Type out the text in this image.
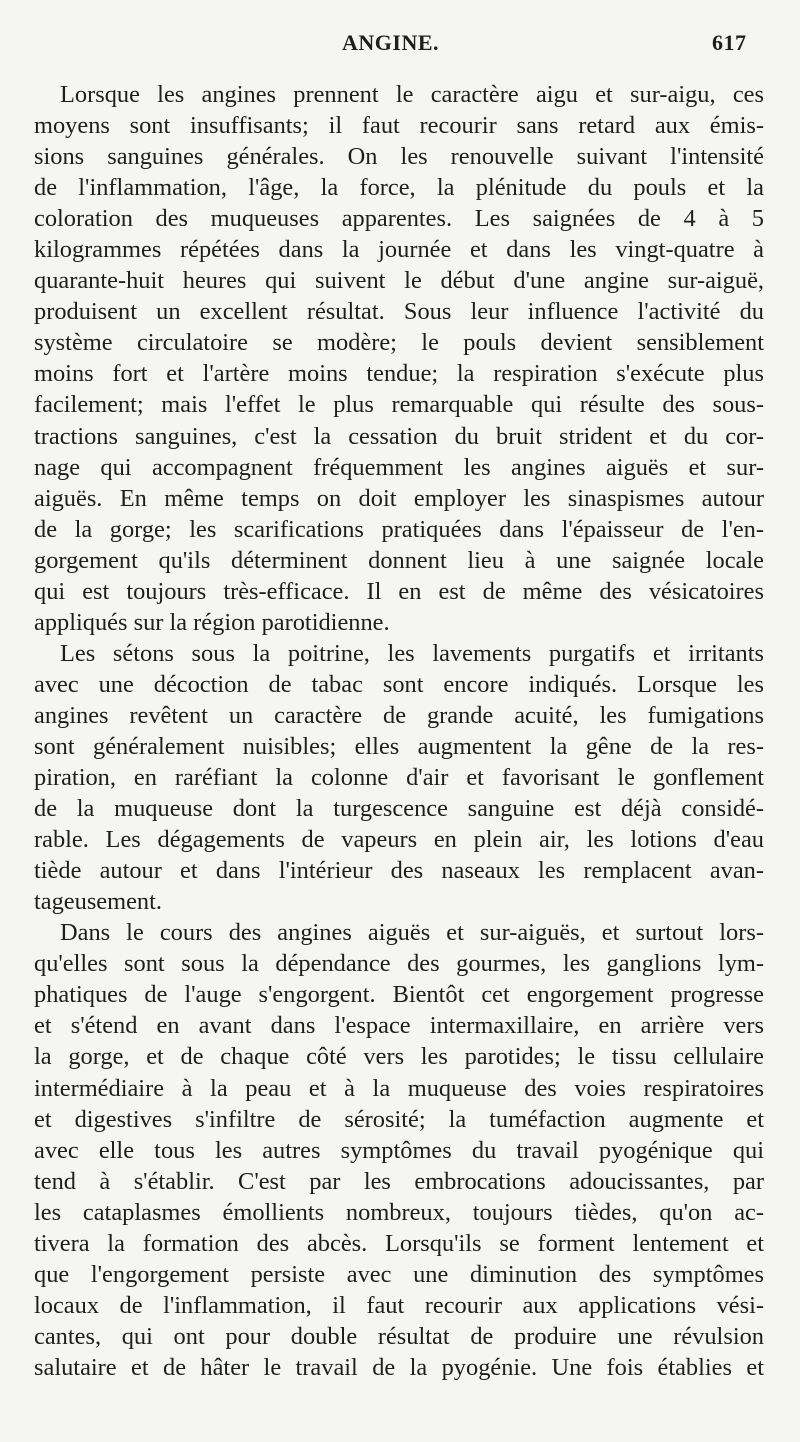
ANGINE.	617
Lorsque les angines prennent le caractère aigu et sur-aigu, ces
moyens sont insuffisants; il faut recourir sans retard aux émis-
sions sanguines générales. On les renouvelle suivant l'intensité
de l'inflammation, l'âge, la force, la plénitude du pouls et la
coloration des muqueuses apparentes. Les saignées de 4 à 5
kilogrammes répétées dans la journée et dans les vingt-quatre à
quarante-huit heures qui suivent le début d'une angine sur-aiguë,
produisent un excellent résultat. Sous leur influence l'activité du
système circulatoire se modère; le pouls devient sensiblement
moins fort et l'artère moins tendue; la respiration s'exécute plus
facilement; mais l'effet le plus remarquable qui résulte des sous-
tractions sanguines, c'est la cessation du bruit strident et du cor-
nage qui accompagnent fréquemment les angines aiguës et sur-
aiguës. En même temps on doit employer les sinaspismes autour
de la gorge; les scarifications pratiquées dans l'épaisseur de l'en-
gorgement qu'ils déterminent donnent lieu à une saignée locale
qui est toujours très-efficace. Il en est de même des vésicatoires
appliqués sur la région parotidienne.
Les sétons sous la poitrine, les lavements purgatifs et irritants
avec une décoction de tabac sont encore indiqués. Lorsque les
angines revêtent un caractère de grande acuité, les fumigations
sont généralement nuisibles; elles augmentent la gêne de la res-
piration, en raréfiant la colonne d'air et favorisant le gonflement
de la muqueuse dont la turgescence sanguine est déjà considé-
rable. Les dégagements de vapeurs en plein air, les lotions d'eau
tiède autour et dans l'intérieur des naseaux les remplacent avan-
tageusement.
Dans le cours des angines aiguës et sur-aiguës, et surtout lors-
qu'elles sont sous la dépendance des gourmes, les ganglions lym-
phatiques de l'auge s'engorgent. Bientôt cet engorgement progresse
et s'étend en avant dans l'espace intermaxillaire, en arrière vers
la gorge, et de chaque côté vers les parotides; le tissu cellulaire
intermédiaire à la peau et à la muqueuse des voies respiratoires
et digestives s'infiltre de sérosité; la tuméfaction augmente et
avec elle tous les autres symptômes du travail pyogénique qui
tend à s'établir. C'est par les embrocations adoucissantes, par
les cataplasmes émollients nombreux, toujours tièdes, qu'on ac-
tivera la formation des abcès. Lorsqu'ils se forment lentement et
que l'engorgement persiste avec une diminution des symptômes
locaux de l'inflammation, il faut recourir aux applications vési-
cantes, qui ont pour double résultat de produire une révulsion
salutaire et de hâter le travail de la pyogénie. Une fois établies et
